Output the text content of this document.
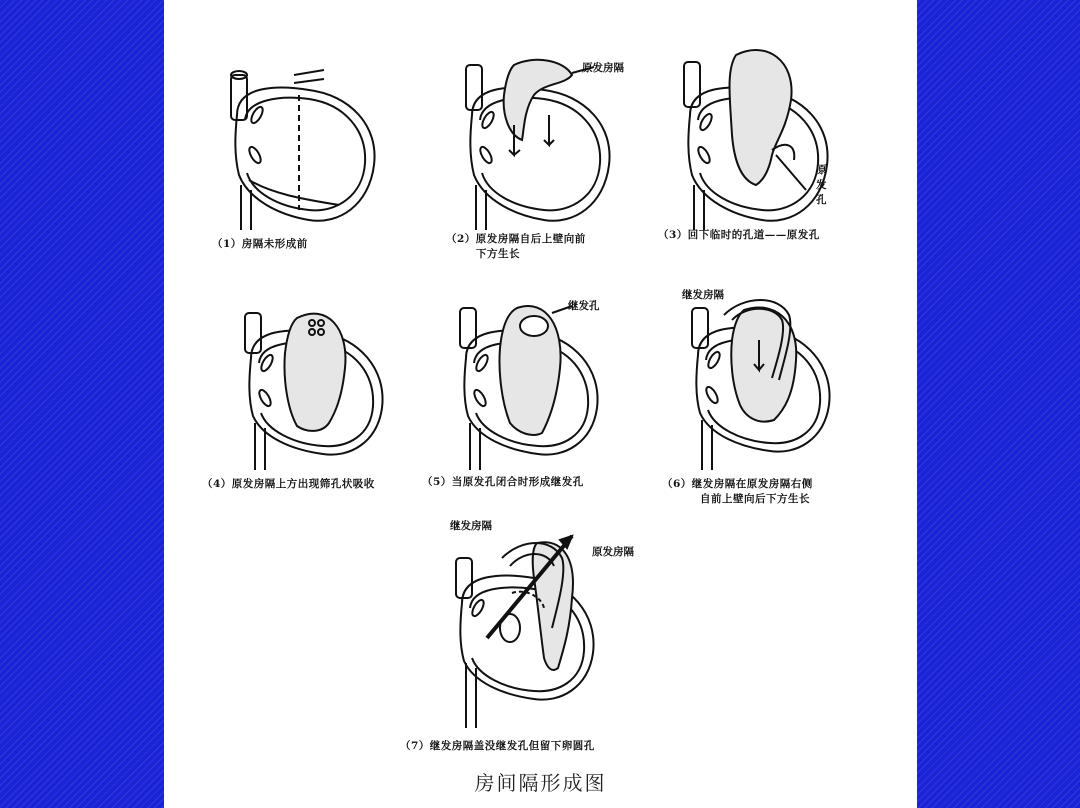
（1）房隔未形成前
原发房隔
（2）原发房隔自后上壁向前
下方生长
原发孔
（3）回下临时的孔道——原发孔
（4）原发房隔上方出现筛孔状吸收
继发孔
（5）当原发孔闭合时形成继发孔
继发房隔
（6）继发房隔在原发房隔右侧
自前上壁向后下方生长
继发房隔
原发房隔
（7）继发房隔盖没继发孔但留下卵圆孔
房间隔形成图
